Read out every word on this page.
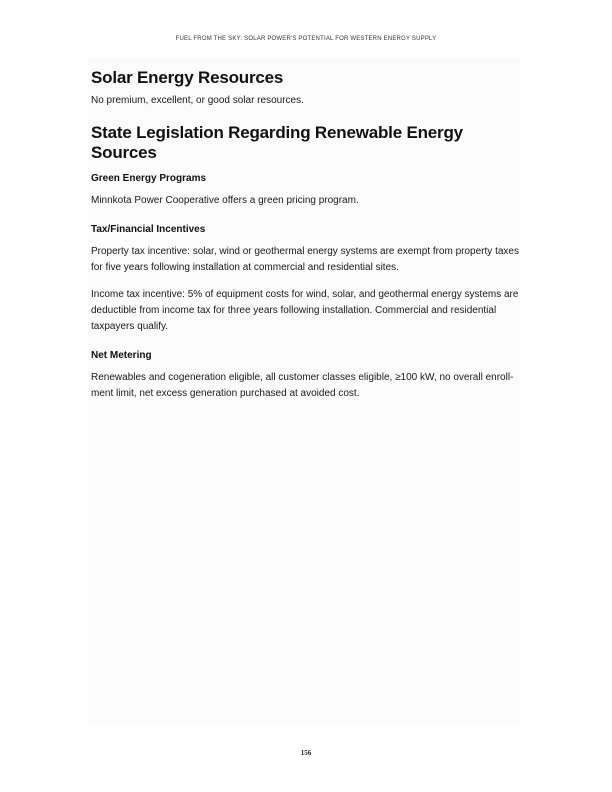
FUEL FROM THE SKY: SOLAR POWER'S POTENTIAL FOR WESTERN ENERGY SUPPLY
Solar Energy Resources

No premium, excellent, or good solar resources.

State Legislation Regarding Renewable Energy Sources
Green Energy Programs

Minnkota Power Cooperative offers a green pricing program.

Tax/Financial Incentives

Property tax incentive: solar, wind or geothermal energy systems are exempt from property taxes for five years following installation at commercial and residential sites.

Income tax incentive: 5% of equipment costs for wind, solar, and geothermal energy systems are deductible from income tax for three years following installation. Commercial and residential taxpayers qualify.

Net Metering

Renewables and cogeneration eligible, all customer classes eligible, ≥100 kW, no overall enroll-ment limit, net excess generation purchased at avoided cost.

156
